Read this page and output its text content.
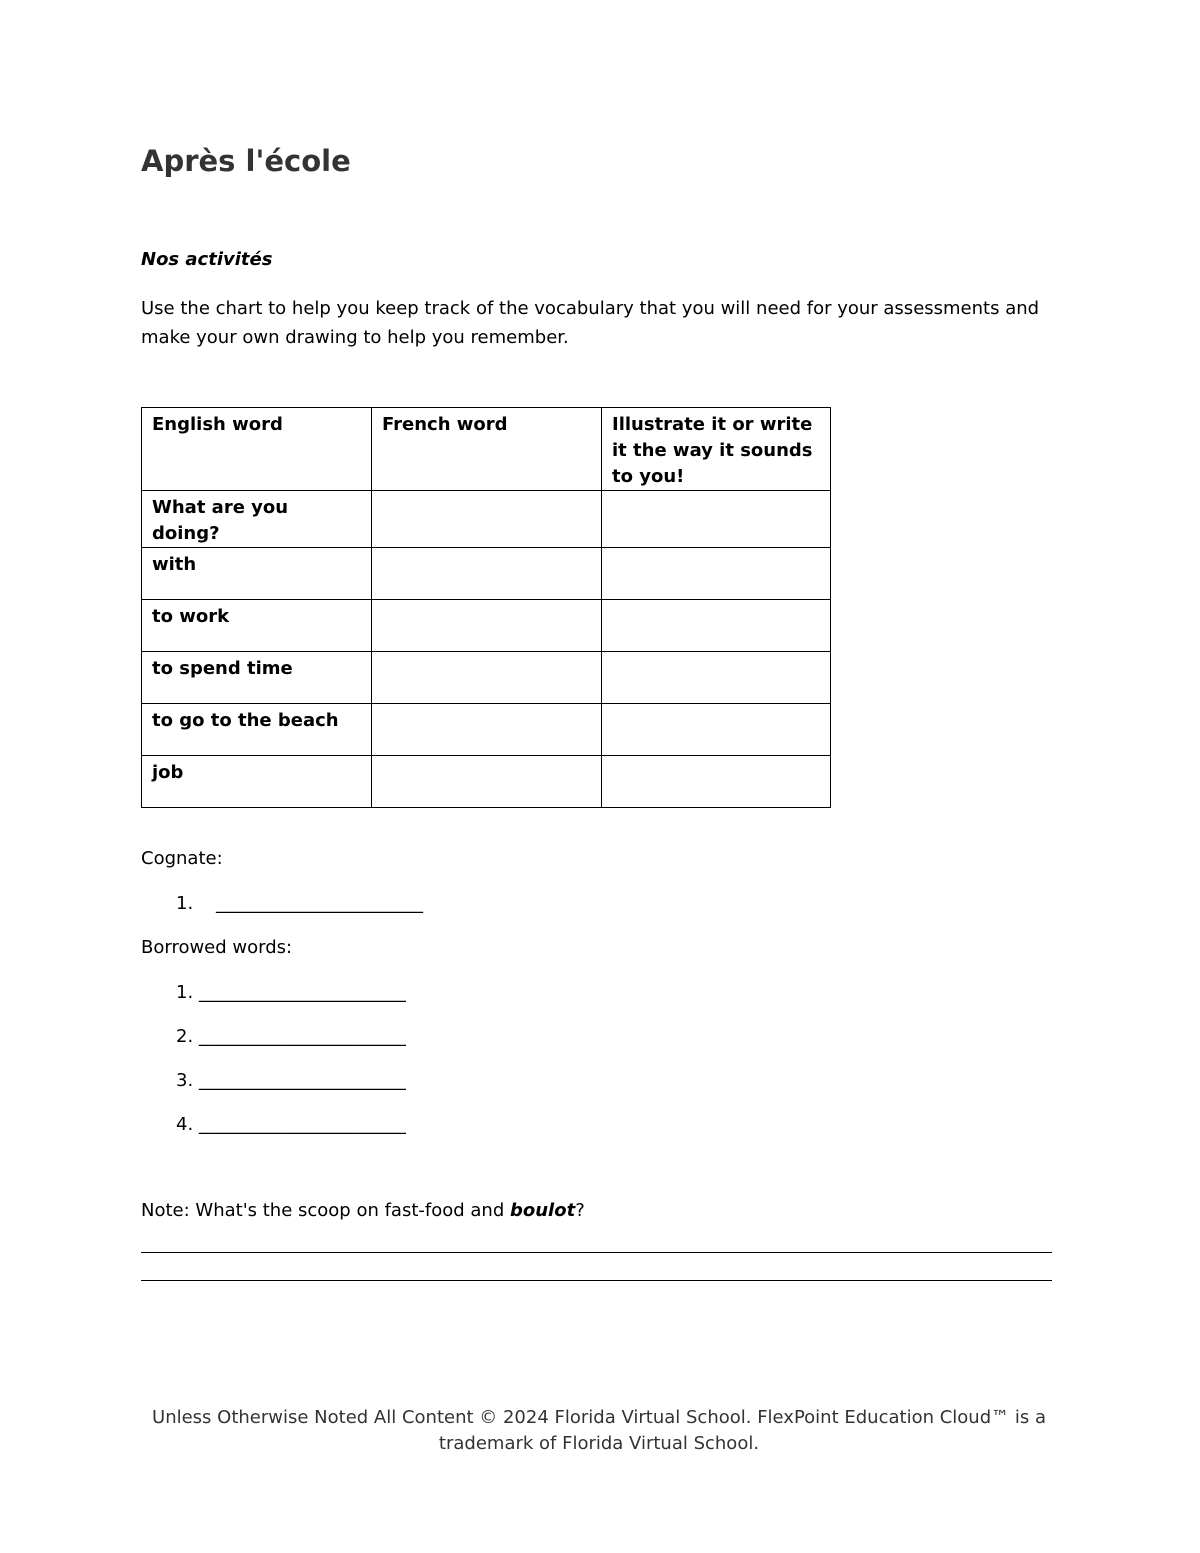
Après l'école
Nos activités

Use the chart to help you keep track of the vocabulary that you will need for your assessments and

make your own drawing to help you remember.

English word	French word	Illustrate it or write it the way it sounds to you!
What are you doing?		
with		
to work		
to spend time		
to go to the beach		
job		
Cognate:
1.    _______________________
Borrowed words:
1. _______________________
2. _______________________
3. _______________________
4. _______________________
Note: What's the scoop on fast-food and boulot?

Unless Otherwise Noted All Content © 2024 Florida Virtual School. FlexPoint Education Cloud™ is a

trademark of Florida Virtual School.
